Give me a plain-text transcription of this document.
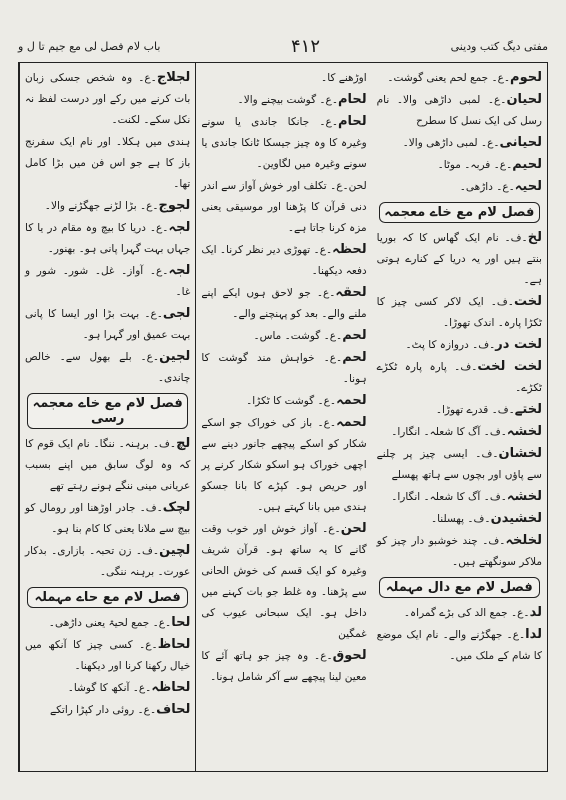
مفتی دیگ کتب ودینی
۴۱۲
باب لام فصل لی مع جیم تا ل و

لجلاج۔ع۔ وہ شخص جسکی زبان بات کرنے میں رکے اور درست لفظ نہ نکل سکے۔ لکنت۔

ہندی میں ہکلا۔ اور نام ایک سفرنج باز کا ہے جو اس فن میں بڑا کامل تھا۔

لجوج۔ع۔ بڑا لڑنے جھگڑنے والا۔

لجہ۔ع۔ دریا کا بیچ وہ مقام در یا کا جہاں بہت گہرا پانی ہو۔ بھنور۔

لجہ۔ع۔ آواز۔ غل۔ شور۔ شور و غا۔

لجی۔ع۔ بہت بڑا اور ایسا کا پانی بہت عمیق اور گہرا ہو۔

لجین۔ع۔ بلے بھول سے۔ خالص چاندی۔

فصل لام مع خاے معجمہ رسی

لچ۔ف۔ برہنہ۔ ننگا۔ نام ایک قوم کا کہ وہ لوگ سابق میں اپنے بسبب عریانی مینی ننگے ہونے رہتے تھے

لچک۔ف۔ جادر اوڑھنا اور رومال کو بیچ سے ملانا یعنی کا کام بنا ہو۔

لچین۔ف۔ زن تحبہ۔ بازاری۔ بدکار عورت۔ برہنہ ننگی۔

فصل لام مع حاے مہملہ

لحا۔ع۔ جمع لحیۃ یعنی داڑھی۔

لحاظ۔ع۔ کسی چیز کا آنکھ میں خیال رکھنا کرنا اور دیکھنا۔

لحاظہ۔ع۔ آنکھ کا گوشا۔

لحاف۔ع۔ روئی دار کپڑا راتکے

اوڑھنے کا۔

لحام۔ع۔ گوشت بیچنے والا۔

لحام۔ع۔ جانکا جاندی یا سونے وغیرہ کا وہ چیز جیسکا ٹانکا جاندی یا سونے وغیرہ میں لگاوین۔

لحن۔ع۔ تکلف اور خوش آواز سے اندر دنی قرآن کا پڑھنا اور موسیقی یعنی مزہ کرنا جاتا ہے۔

لحظہ۔ع۔ تھوڑی دیر نظر کرنا۔ ایک دفعہ دیکھنا۔

لحقہ۔ع۔ جو لاحق ہوں ایکے اپنے ملنے والے۔ بعد کو پہنچنے والے۔

لحم۔ع۔ گوشت۔ ماس۔

لحم۔ع۔ خواہش مند گوشت کا ہونا۔

لحمہ۔ع۔ گوشت کا ٹکڑا۔

لحمہ۔ع۔ باز کی خوراک جو اسکے شکار کو اسکے پیچھے جانور دینے سے اچھی خوراک ہو اسکو شکار کرنے پر اور حریص ہو۔ کپڑے کا بانا جسکو ہندی میں بانا کہتے ہیں۔

لحن۔ع۔ آواز خوش اور خوب وقت گانے کا یہ ساتھ ہو۔ قرآن شریف وغیرہ کو ایک قسم کی خوش الحانی سے پڑھنا۔ وہ غلط جو بات کہنے میں داخل ہو۔ ایک سبحانی عیوب کی غمگین

لحوق۔ع۔ وہ چیز جو ہاتھ آئے کا معین لینا پیچھے سے آکر شامل ہونا۔

لحوم۔ع۔ جمع لحم یعنی گوشت۔

لحیان۔ع۔ لمبی داڑھی والا۔ نام رسل کی ایک نسل کا سطرح

لحیانی۔ع۔ لمبی داڑھی والا۔

لحیم۔ع۔ فربہ۔ موٹا۔

لحیہ۔ع۔ داڑھی۔

فصل لام مع خاے معجمہ

لخ۔ف۔ نام ایک گھاس کا کہ بوریا بنتے ہیں اور یہ دریا کے کنارے ہوتی ہے۔

لخت۔ف۔ ایک لاکر کسی چیز کا ٹکڑا پارہ۔ اندک تھوڑا۔

لخت در۔ف۔ دروازہ کا پٹ۔

لخت لخت۔ف۔ پارہ پارہ ٹکڑے ٹکڑے۔

لختے۔ف۔ قدرے تھوڑا۔

لخشہ۔ف۔ آگ کا شعلہ۔ انگارا۔

لخشان۔ف۔ ایسی چیز پر چلنے سے پاؤں اور بچوں سے ہاتھ پھسلے

لخشہ۔ف۔ آگ کا شعلہ۔ انگارا۔

لخشیدن۔ف۔ پھسلنا۔

لخلخہ۔ف۔ چند خوشبو دار چیز کو ملاکر سونگھتے ہیں۔

فصل لام مع دال مہملہ

لد۔ع۔ جمع الد کی بڑے گمراہ۔

لدا۔ع۔ جھگڑنے والے۔ نام ایک موضع کا شام کے ملک میں۔
